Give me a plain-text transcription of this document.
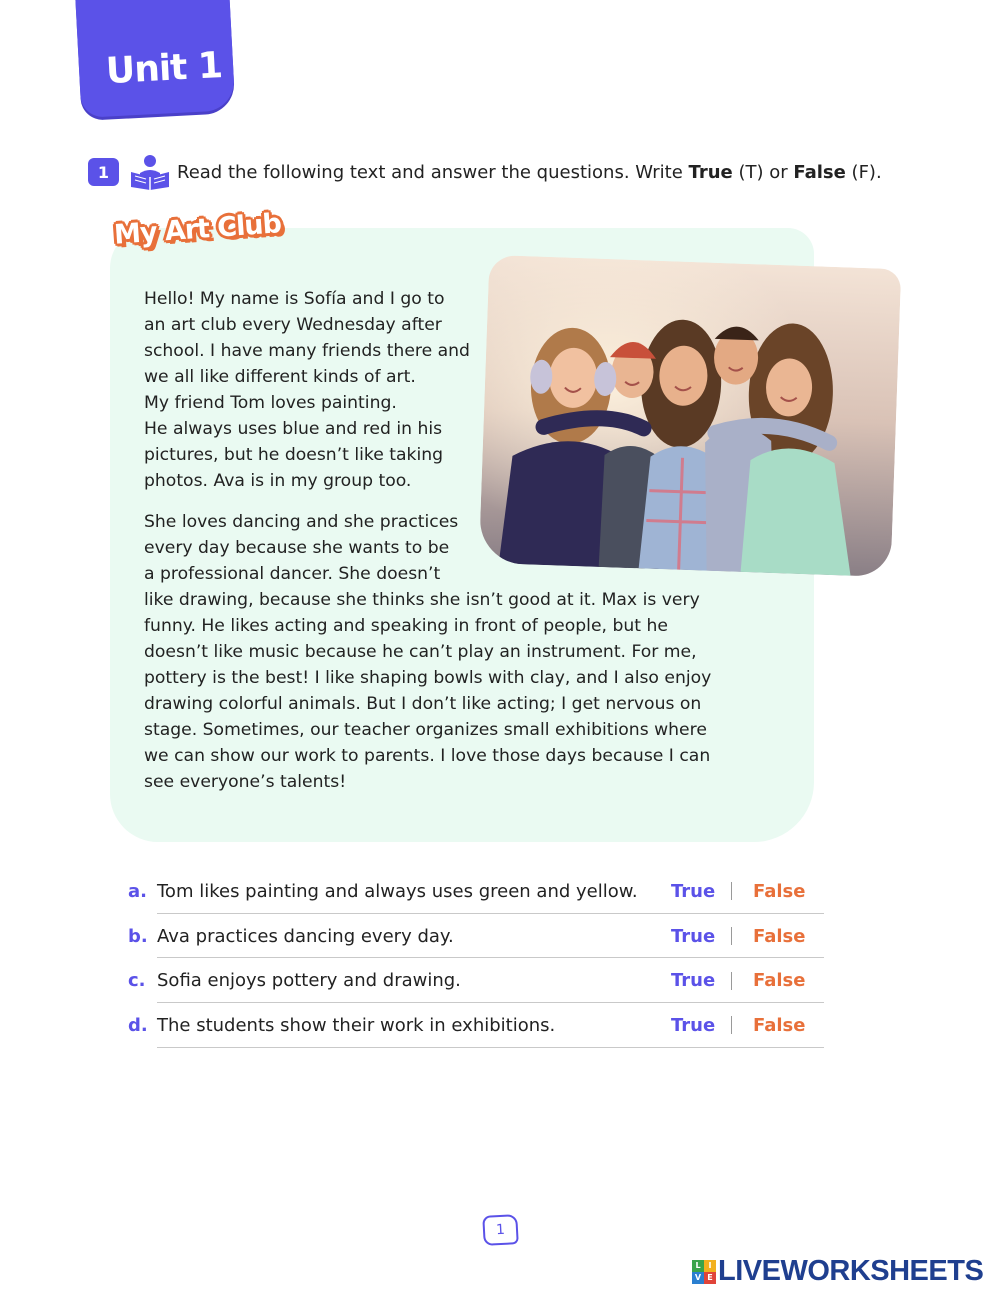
Unit 1
1	Read the following text and answer the questions. Write True (T) or False (F).
My Art Club
Hello! My name is Sofía and I go to
an art club every Wednesday after
school. I have many friends there and
we all like different kinds of art.
My friend Tom loves painting.
He always uses blue and red in his
pictures, but he doesn’t like taking
photos. Ava is in my group too.
She loves dancing and she practices
every day because she wants to be
a professional dancer. She doesn’t
like drawing, because she thinks she isn’t good at it. Max is very
funny. He likes acting and speaking in front of people, but he
doesn’t like music because he can’t play an instrument. For me,
pottery is the best! I like shaping bowls with clay, and I also enjoy
drawing colorful animals. But I don’t like acting; I get nervous on
stage. Sometimes, our teacher organizes small exhibitions where
we can show our work to parents. I love those days because I can
see everyone’s talents!
a. Tom likes painting and always uses green and yellow. True False
b. Ava practices dancing every day.	True False
c. Sofia enjoys pottery and drawing.	True False
d. The students show their work in exhibitions.	True False
1
L I
V E LIVEWORKSHEETS
